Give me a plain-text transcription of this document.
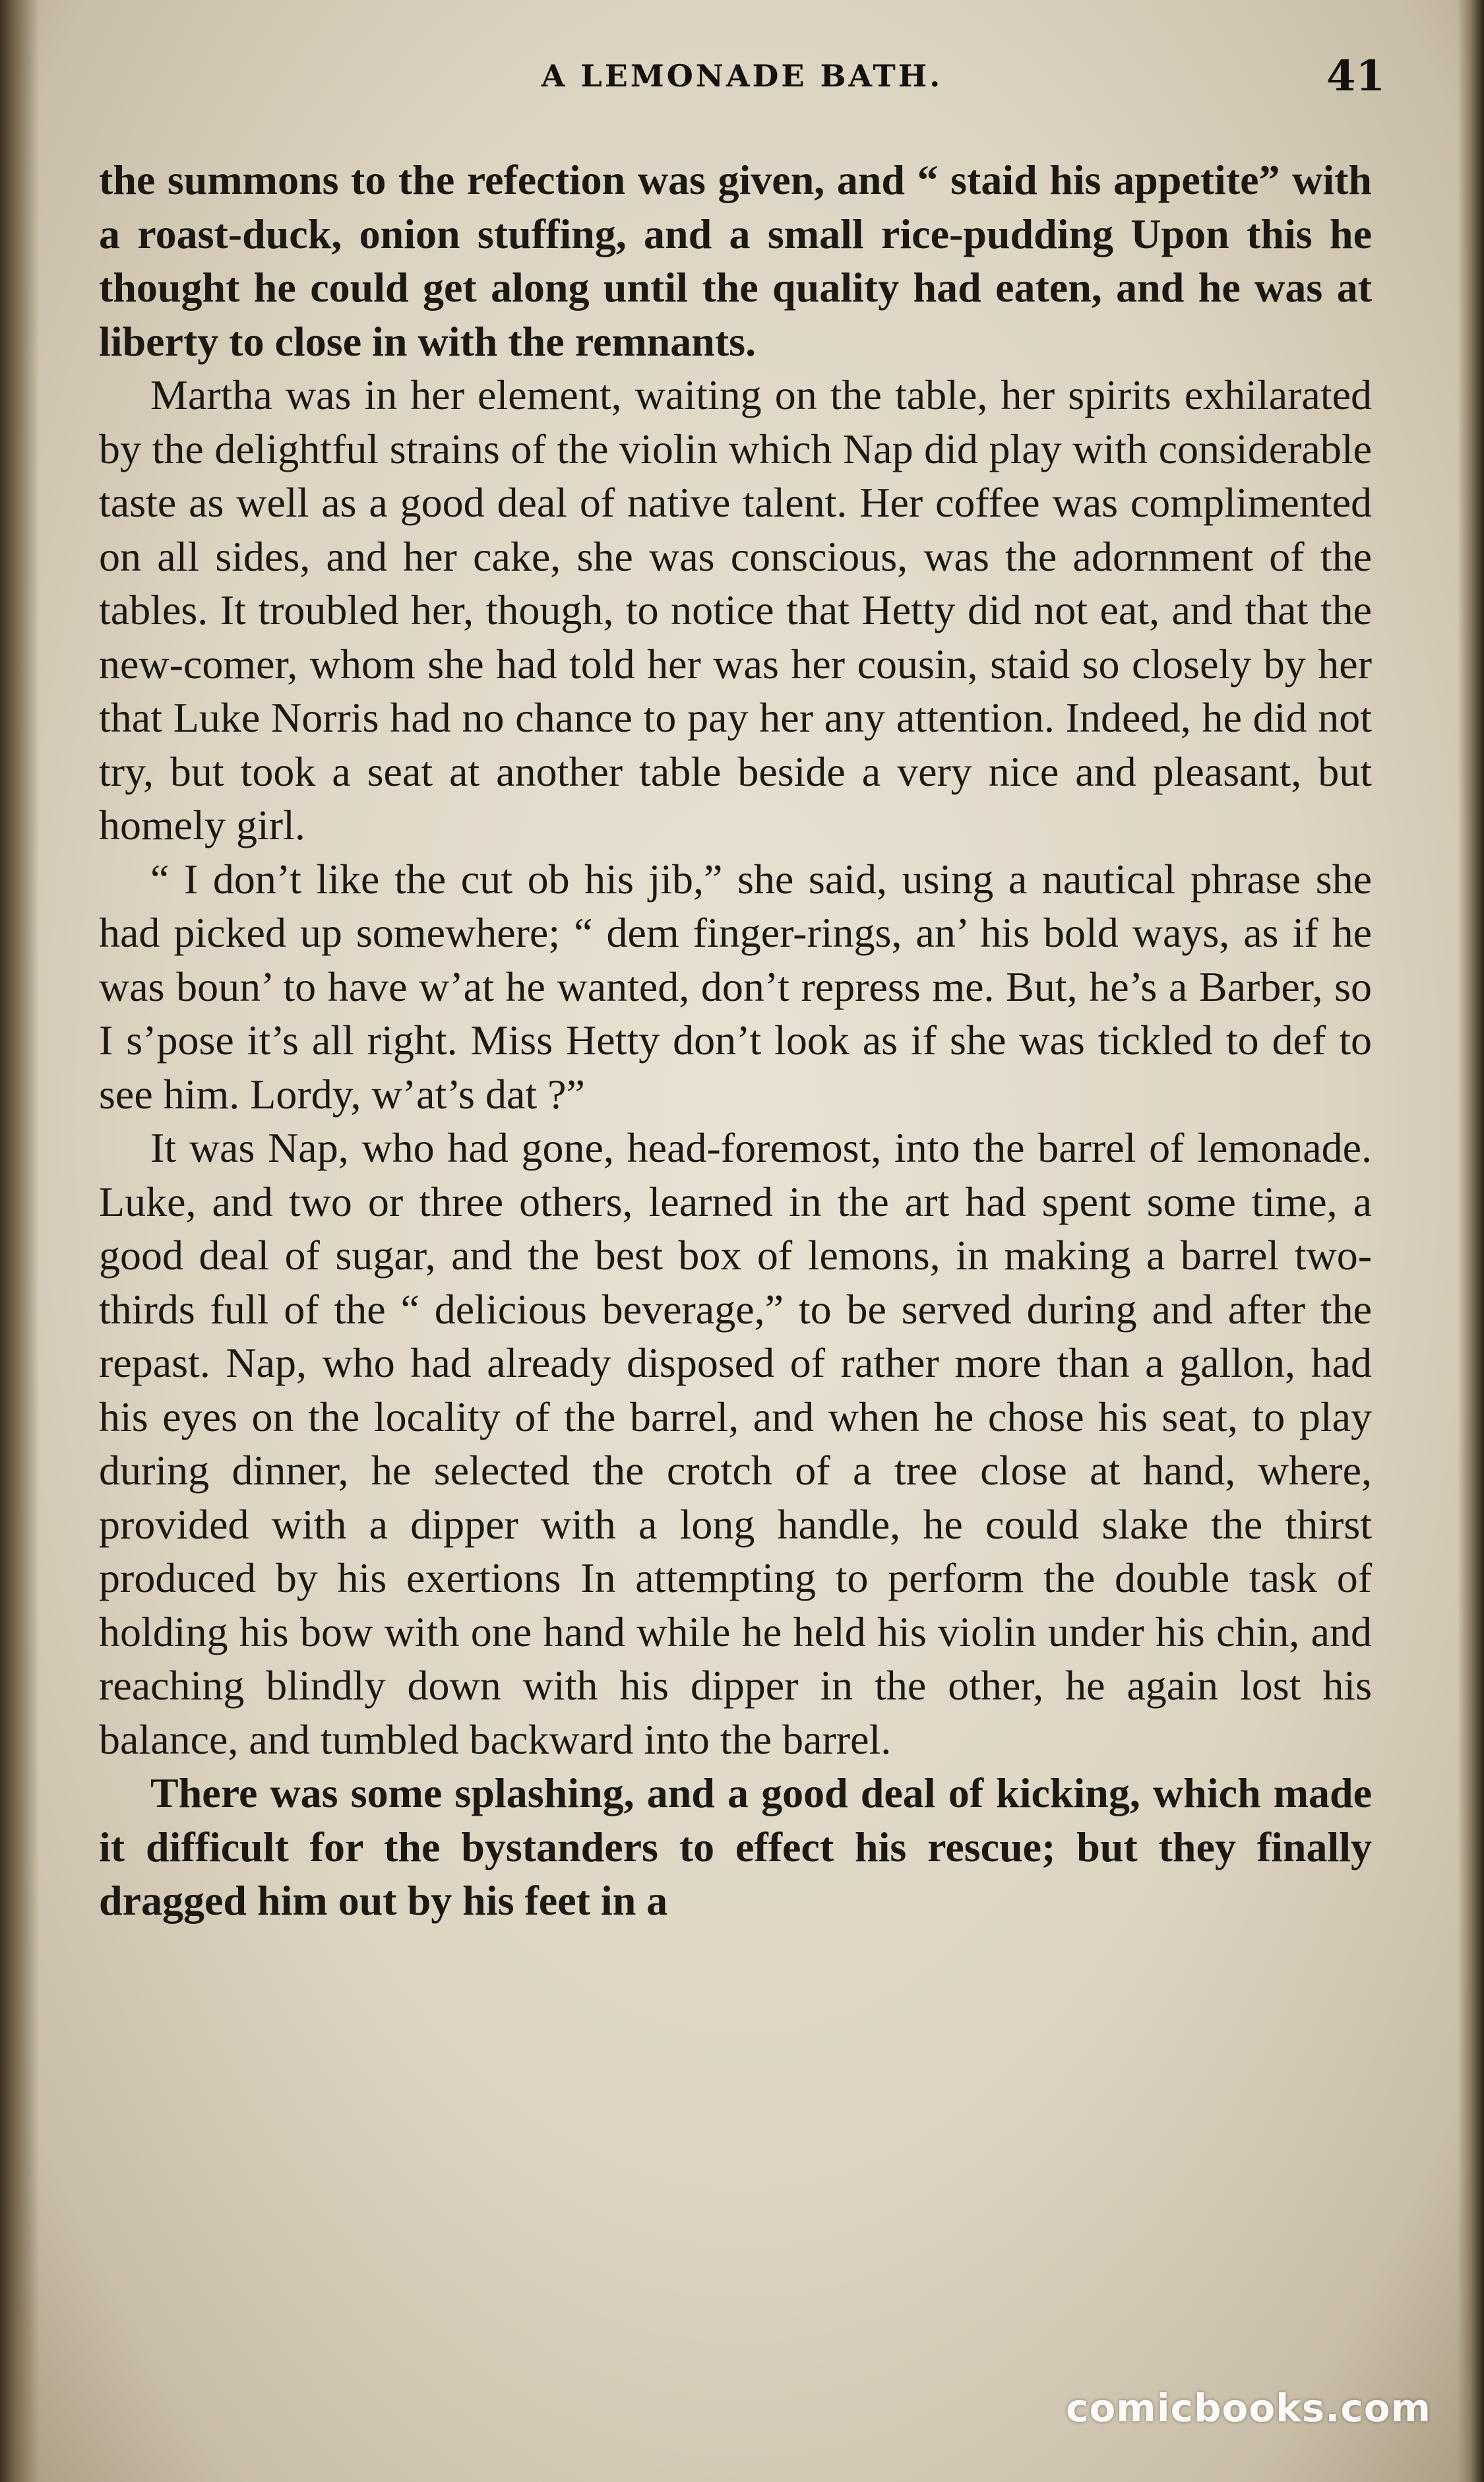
A LEMONADE BATH.	41

the summons to the refection was given, and “ staid his appetite” with a roast-duck, onion stuffing, and a small rice-pudding Upon this he thought he could get along until the quality had eaten, and he was at liberty to close in with the remnants.

Martha was in her element, waiting on the table, her spirits exhilarated by the delightful strains of the violin which Nap did play with considerable taste as well as a good deal of native talent. Her coffee was complimented on all sides, and her cake, she was conscious, was the adornment of the tables. It troubled her, though, to notice that Hetty did not eat, and that the new-comer, whom she had told her was her cousin, staid so closely by her that Luke Norris had no chance to pay her any attention. Indeed, he did not try, but took a seat at another table beside a very nice and pleasant, but homely girl.

“ I don’t like the cut ob his jib,” she said, using a nautical phrase she had picked up somewhere; “ dem finger-rings, an’ his bold ways, as if he was boun’ to have w’at he wanted, don’t repress me. But, he’s a Barber, so I s’pose it’s all right. Miss Hetty don’t look as if she was tickled to def to see him. Lordy, w’at’s dat ?”

It was Nap, who had gone, head-foremost, into the barrel of lemonade. Luke, and two or three others, learned in the art had spent some time, a good deal of sugar, and the best box of lemons, in making a barrel two-thirds full of the “ delicious beverage,” to be served during and after the repast. Nap, who had already disposed of rather more than a gallon, had his eyes on the locality of the barrel, and when he chose his seat, to play during dinner, he selected the crotch of a tree close at hand, where, provided with a dipper with a long handle, he could slake the thirst produced by his exertions In attempting to perform the double task of holding his bow with one hand while he held his violin under his chin, and reaching blindly down with his dipper in the other, he again lost his balance, and tumbled backward into the barrel.

There was some splashing, and a good deal of kicking, which made it difficult for the bystanders to effect his rescue; but they finally dragged him out by his feet in a

comicbooks.com
